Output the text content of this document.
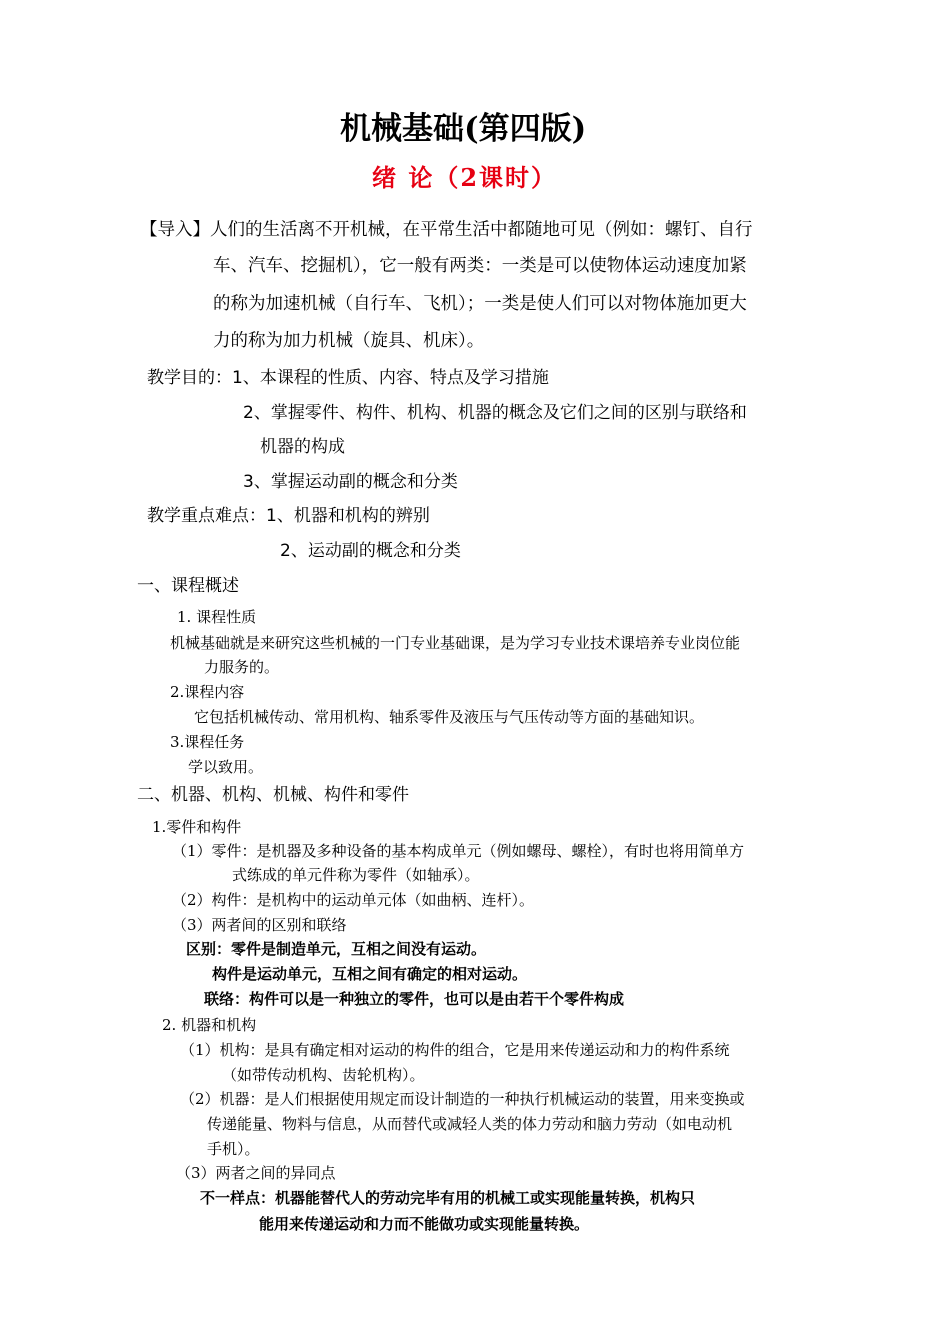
机械基础(第四版)
绪 论（2课时）
【导入】人们的生活离不开机械，在平常生活中都随地可见（例如：螺钉、自行
车、汽车、挖掘机），它一般有两类：一类是可以使物体运动速度加紧
的称为加速机械（自行车、飞机）；一类是使人们可以对物体施加更大
力的称为加力机械（旋具、机床）。
教学目的：1、本课程的性质、内容、特点及学习措施
2、掌握零件、构件、机构、机器的概念及它们之间的区别与联络和
机器的构成
3、掌握运动副的概念和分类
教学重点难点：1、机器和机构的辨别
2、运动副的概念和分类
一、课程概述
1. 课程性质
机械基础就是来研究这些机械的一门专业基础课，是为学习专业技术课培养专业岗位能
力服务的。
2.课程内容
它包括机械传动、常用机构、轴系零件及液压与气压传动等方面的基础知识。
3.课程任务
学以致用。
二、机器、机构、机械、构件和零件
1.零件和构件
（1）零件：是机器及多种设备的基本构成单元（例如螺母、螺栓），有时也将用简单方
式练成的单元件称为零件（如轴承）。
（2）构件：是机构中的运动单元体（如曲柄、连杆）。
（3）两者间的区别和联络
区别：零件是制造单元，互相之间没有运动。
构件是运动单元，互相之间有确定的相对运动。
联络：构件可以是一种独立的零件，也可以是由若干个零件构成
2. 机器和机构
（1）机构：是具有确定相对运动的构件的组合，它是用来传递运动和力的构件系统
（如带传动机构、齿轮机构）。
（2）机器：是人们根据使用规定而设计制造的一种执行机械运动的装置，用来变换或
传递能量、物料与信息，从而替代或减轻人类的体力劳动和脑力劳动（如电动机
手机）。
（3）两者之间的异同点
不一样点：机器能替代人的劳动完毕有用的机械工或实现能量转换，机构只
能用来传递运动和力而不能做功或实现能量转换。
